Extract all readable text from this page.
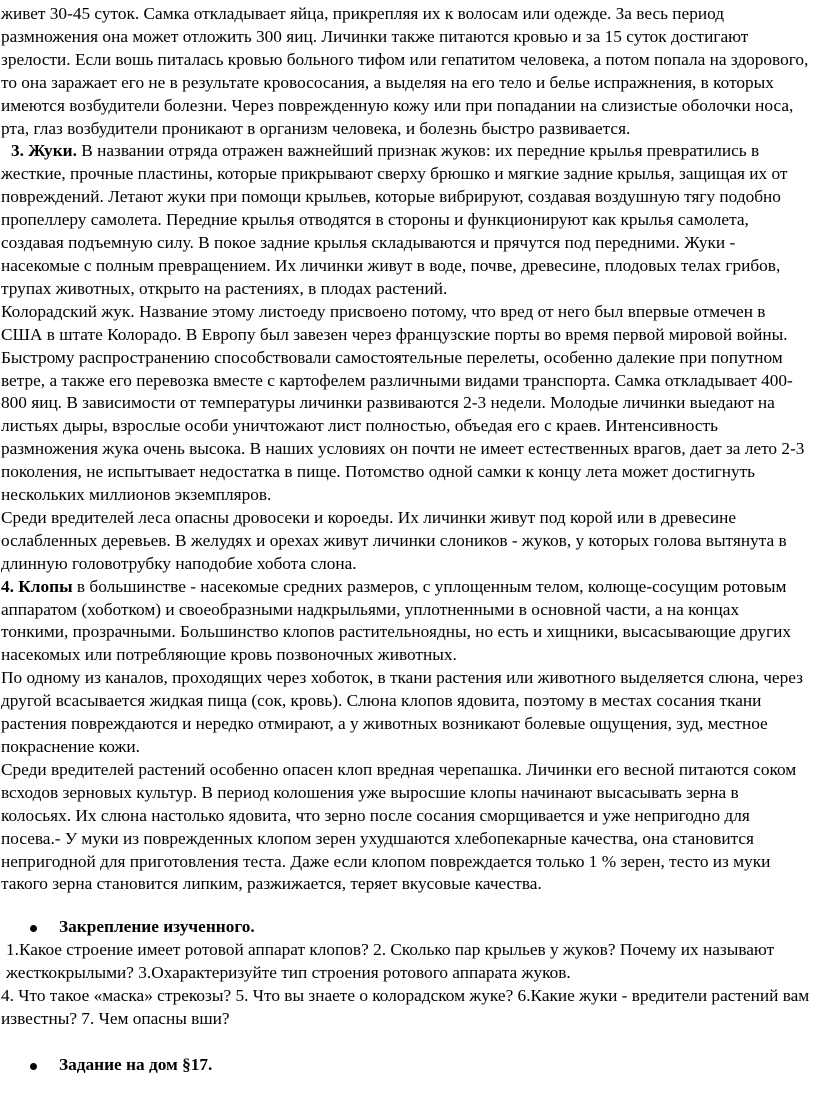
живет 30-45 суток. Самка откладывает яйца, прикрепляя их к волосам или одежде. За весь период размножения она может отложить 300 яиц. Личинки также питаются кровью и за 15 суток достигают зрелости. Если вошь питалась кровью больного тифом или гепатитом человека, а потом попала на здорового, то она заражает его не в результате кровососания, а выделяя на его тело и белье испражнения, в которых имеются возбудители болезни. Через поврежденную кожу или при попадании на слизистые оболочки носа, рта, глаз возбудители проникают в организм человека, и болезнь быстро развивается.

3. Жуки. В названии отряда отражен важнейший признак жуков: их передние крылья превратились в жесткие, прочные пластины, которые прикрывают сверху брюшко и мягкие задние крылья, защищая их от повреждений. Летают жуки при помощи крыльев, которые вибрируют, создавая воздушную тягу подобно пропеллеру самолета. Передние крылья отводятся в стороны и функционируют как крылья самолета, создавая подъемную силу. В покое задние крылья складываются и прячутся под передними. Жуки - насекомые с полным превращением. Их личинки живут в воде, почве, древесине, плодовых телах грибов, трупах животных, открыто на растениях, в плодах растений.

Колорадский жук. Название этому листоеду присвоено потому, что вред от него был впервые отмечен в США в штате Колорадо. В Европу был завезен через французские порты во время первой мировой войны. Быстрому распространению способствовали самостоятельные перелеты, особенно далекие при попутном ветре, а также его перевозка вместе с картофелем различными видами транспорта. Самка откладывает 400-800 яиц. В зависимости от температуры личинки развиваются 2-3 недели. Молодые личинки выедают на листьях дыры, взрослые особи уничтожают лист полностью, объедая его с краев. Интенсивность размножения жука очень высока. В наших условиях он почти не имеет естественных врагов, дает за лето 2-3 поколения, не испытывает недостатка в пище. Потомство одной самки к концу лета может достигнуть нескольких миллионов экземпляров.

Среди вредителей леса опасны дровосеки и короеды. Их личинки живут под корой или в древесине ослабленных деревьев. В желудях и орехах живут личинки слоников - жуков, у которых голова вытянута в длинную головотрубку наподобие хобота слона.

4. Клопы в большинстве - насекомые средних размеров, с уплощенным телом, колюще-сосущим ротовым аппаратом (хоботком) и своеобразными надкрыльями, уплотненными в основной части, а на концах тонкими, прозрачными. Большинство клопов растительноядны, но есть и хищники, высасывающие других насекомых или потребляющие кровь позвоночных животных.

По одному из каналов, проходящих через хоботок, в ткани растения или животного выделяется слюна, через другой всасывается жидкая пища (сок, кровь). Слюна клопов ядовита, поэтому в местах сосания ткани растения повреждаются и нередко отмирают, а у животных возникают болевые ощущения, зуд, местное покраснение кожи.

Среди вредителей растений особенно опасен клоп вредная черепашка. Личинки его весной питаются соком всходов зерновых культур. В период колошения уже выросшие клопы начинают высасывать зерна в колосьях. Их слюна настолько ядовита, что зерно после сосания сморщивается и уже непригодно для посева.- У муки из поврежденных клопом зерен ухудшаются хлебопекарные качества, она становится непригодной для приготовления теста. Даже если клопом повреждается только 1 % зерен, тесто из муки такого зерна становится липким, разжижается, теряет вкусовые качества.

Закрепление изученного.

1.Какое строение имеет ротовой аппарат клопов? 2. Сколько пар крыльев у жуков? Почему их называют жесткокрылыми? 3.Охарактеризуйте тип строения ротового аппарата жуков.

4. Что такое «маска» стрекозы? 5. Что вы знаете о колорадском жуке? 6.Какие жуки - вредители растений вам известны? 7. Чем опасны вши?

Задание на дом §17.
